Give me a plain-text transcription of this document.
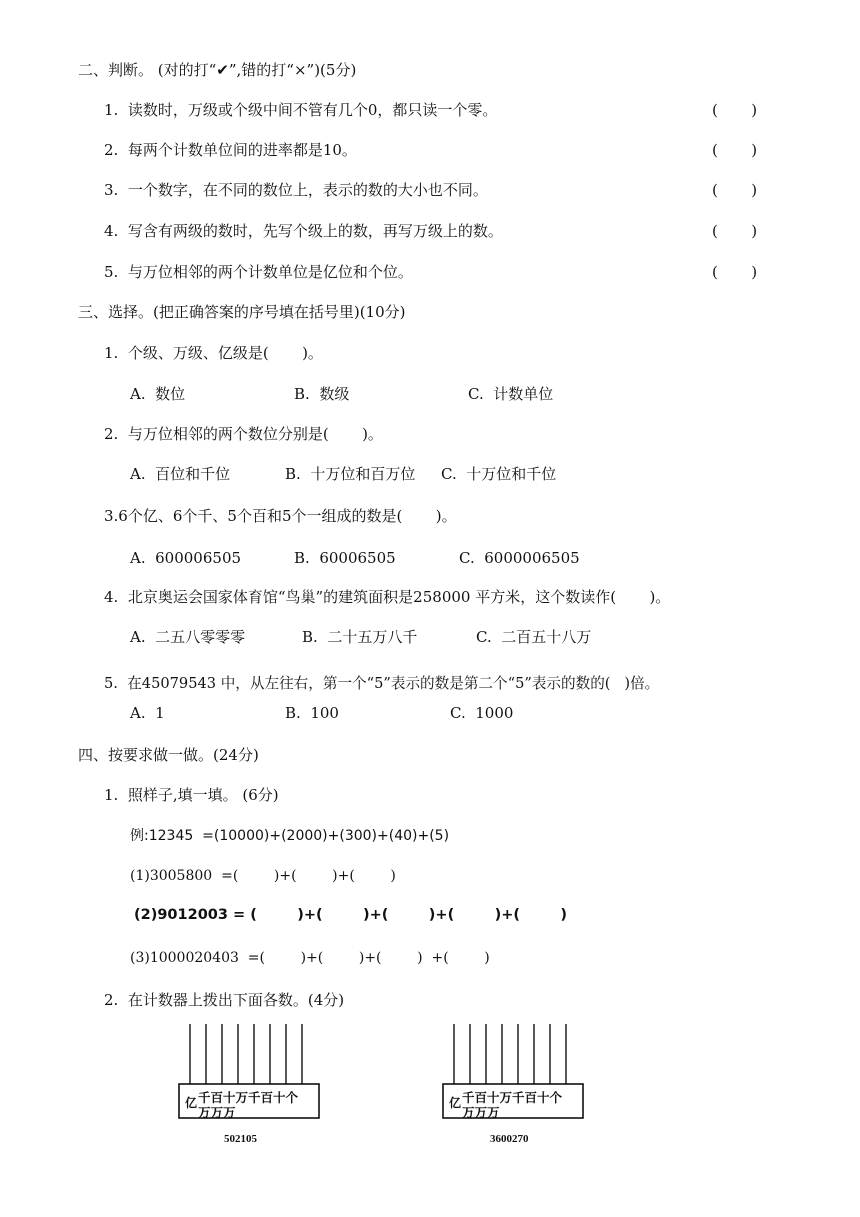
二、判断。 (对的打“✔”,错的打“×”)(5分)
1.  读数时，万级或个级中间不管有几个0，都只读一个零。	(       )
2.  每两个计数单位间的进率都是10。	(       )
3.  一个数字，在不同的数位上，表示的数的大小也不同。	(       )
4.  写含有两级的数时，先写个级上的数，再写万级上的数。	(       )
5.  与万位相邻的两个计数单位是亿位和个位。	(       )
三、选择。(把正确答案的序号填在括号里)(10分)
1.  个级、万级、亿级是(       )。
A.  数位	B.  数级	C.  计数单位
2.  与万位相邻的两个数位分别是(       )。
A.  百位和千位	B.  十万位和百万位 C.  十万位和千位
3.6个亿、6个千、5个百和5个一组成的数是(       )。
A.  600006505	B.  60006505	C.  6000006505
4.  北京奥运会国家体育馆“鸟巢”的建筑面积是258000 平方米，这个数读作(       )。
A.  二五八零零零	B.  二十五万八千	C.  二百五十八万
5.  在45079543 中，从左往右，第一个“5”表示的数是第二个“5”表示的数的(   )倍。
A.  1	B.  100	C.  1000
四、按要求做一做。(24分)
1.  照样子,填一填。 (6分)
例:12345  =(10000)+(2000)+(300)+(40)+(5)
(1)3005800  =(        )+(        )+(        )
(2)9012003 = (        )+(        )+(        )+(        )+(        )
(3)1000020403  =(        )+(        )+(        )  +(        )
2.  在计数器上拨出下面各数。(4分)
亿 千百十万千百十个
万万万
502105
亿 千百十万千百十个
万万万
3600270
